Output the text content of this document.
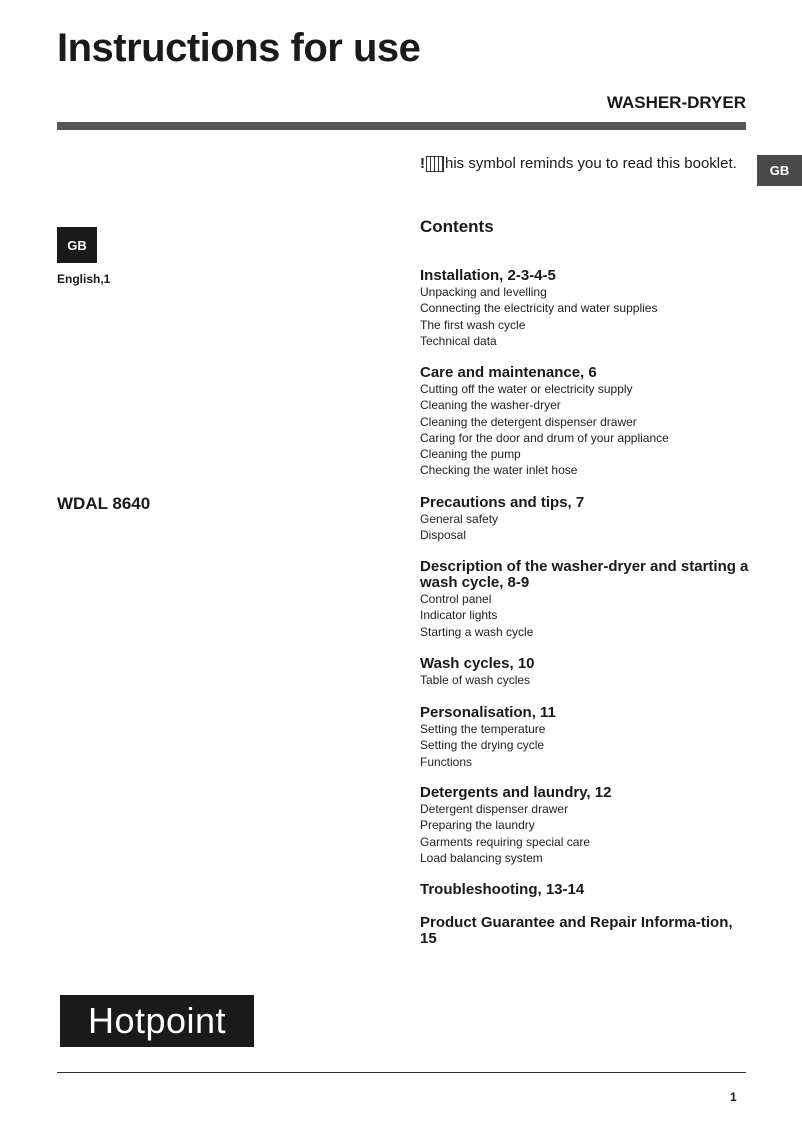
Instructions for use
WASHER-DRYER
GB
! his symbol reminds you to read this booklet.
GB
English,1
WDAL 8640
Contents
Installation, 2-3-4-5
Unpacking and levelling
Connecting the electricity and water supplies
The first wash cycle
Technical data
Care and maintenance, 6
Cutting off the water or electricity supply
Cleaning the washer-dryer
Cleaning the detergent dispenser drawer
Caring for the door and drum of your appliance
Cleaning the pump
Checking the water inlet hose
Precautions and tips, 7
General safety
Disposal
Description of the washer-dryer and starting a wash cycle, 8-9
Control panel
Indicator lights
Starting a wash cycle
Wash cycles, 10
Table of wash cycles
Personalisation, 11
Setting the temperature
Setting the drying cycle
Functions
Detergents and laundry, 12
Detergent dispenser drawer
Preparing the laundry
Garments requiring special care
Load balancing system
Troubleshooting, 13-14
Product Guarantee and Repair Informa-tion, 15
Hotpoint
1
